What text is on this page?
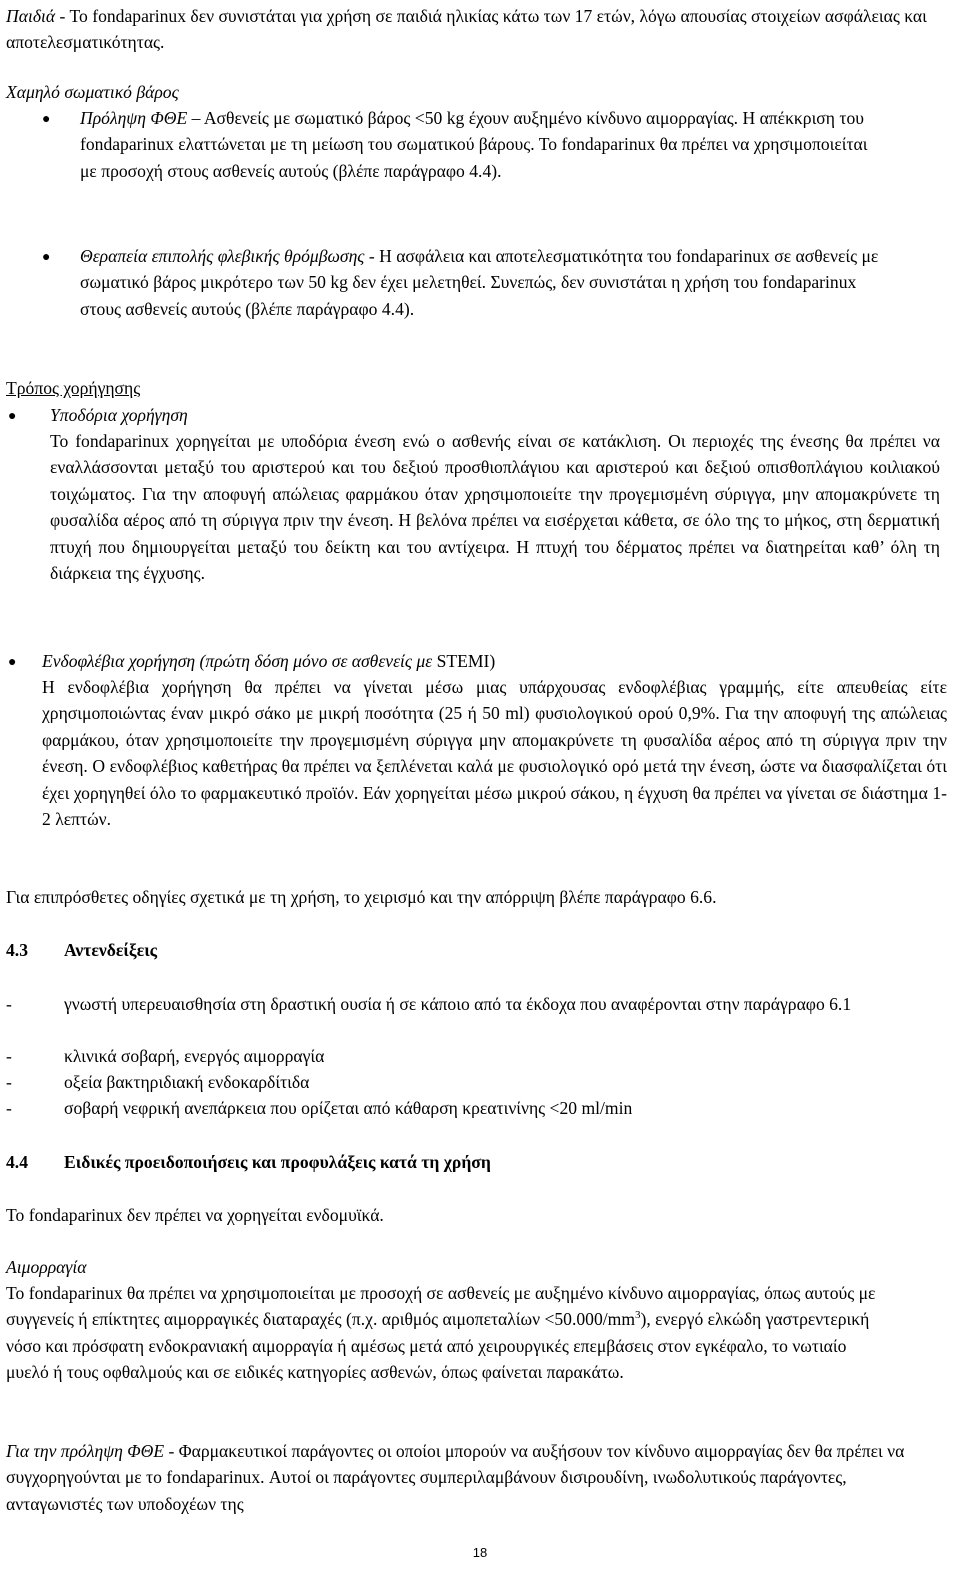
Παιδιά - Το fondaparinux δεν συνιστάται για χρήση σε παιδιά ηλικίας κάτω των 17 ετών, λόγω απουσίας στοιχείων ασφάλειας και αποτελεσματικότητας.

Χαμηλό σωματικό βάρος

● Πρόληψη ΦΘΕ – Ασθενείς με σωματικό βάρος <50 kg έχουν αυξημένο κίνδυνο αιμορραγίας. Η απέκκριση του fondaparinux ελαττώνεται με τη μείωση του σωματικού βάρους. Το fondaparinux θα πρέπει να χρησιμοποιείται με προσοχή στους ασθενείς αυτούς (βλέπε παράγραφο 4.4).

● Θεραπεία επιπολής φλεβικής θρόμβωσης - Η ασφάλεια και αποτελεσματικότητα του fondaparinux σε ασθενείς με σωματικό βάρος μικρότερο των 50 kg δεν έχει μελετηθεί. Συνεπώς, δεν συνιστάται η χρήση του fondaparinux στους ασθενείς αυτούς (βλέπε παράγραφο 4.4).

Τρόπος χορήγησης

● Υποδόρια χορήγηση

Το fondaparinux χορηγείται με υποδόρια ένεση ενώ ο ασθενής είναι σε κατάκλιση. Οι περιοχές της ένεσης θα πρέπει να εναλλάσσονται μεταξύ του αριστερού και του δεξιού προσθιοπλάγιου και αριστερού και δεξιού οπισθοπλάγιου κοιλιακού τοιχώματος. Για την αποφυγή απώλειας φαρμάκου όταν χρησιμοποιείτε την προγεμισμένη σύριγγα, μην απομακρύνετε τη φυσαλίδα αέρος από τη σύριγγα πριν την ένεση. Η βελόνα πρέπει να εισέρχεται κάθετα, σε όλο της το μήκος, στη δερματική πτυχή που δημιουργείται μεταξύ του δείκτη και του αντίχειρα. Η πτυχή του δέρματος πρέπει να διατηρείται καθ’ όλη τη διάρκεια της έγχυσης.

● Ενδοφλέβια χορήγηση (πρώτη δόση μόνο σε ασθενείς με STEMI)

Η ενδοφλέβια χορήγηση θα πρέπει να γίνεται μέσω μιας υπάρχουσας ενδοφλέβιας γραμμής, είτε απευθείας είτε χρησιμοποιώντας έναν μικρό σάκο με μικρή ποσότητα (25 ή 50 ml) φυσιολογικού ορού 0,9%. Για την αποφυγή της απώλειας φαρμάκου, όταν χρησιμοποιείτε την προγεμισμένη σύριγγα μην απομακρύνετε τη φυσαλίδα αέρος από τη σύριγγα πριν την ένεση. Ο ενδοφλέβιος καθετήρας θα πρέπει να ξεπλένεται καλά με φυσιολογικό ορό μετά την ένεση, ώστε να διασφαλίζεται ότι έχει χορηγηθεί όλο το φαρμακευτικό προϊόν. Εάν χορηγείται μέσω μικρού σάκου, η έγχυση θα πρέπει να γίνεται σε διάστημα 1-2 λεπτών.

Για επιπρόσθετες οδηγίες σχετικά με τη χρήση, το χειρισμό και την απόρριψη βλέπε παράγραφο 6.6.

4.3 Αντενδείξεις
-	γνωστή υπερευαισθησία στη δραστική ουσία ή σε κάποιο από τα έκδοχα που αναφέρονται στην παράγραφο 6.1

-	κλινικά σοβαρή, ενεργός αιμορραγία

-	οξεία βακτηριδιακή ενδοκαρδίτιδα

-	σοβαρή νεφρική ανεπάρκεια που ορίζεται από κάθαρση κρεατινίνης <20 ml/min

4.4 Ειδικές προειδοποιήσεις και προφυλάξεις κατά τη χρήση

Το fondaparinux δεν πρέπει να χορηγείται ενδομυϊκά.

Αιμορραγία

Το fondaparinux θα πρέπει να χρησιμοποιείται με προσοχή σε ασθενείς με αυξημένο κίνδυνο αιμορραγίας, όπως αυτούς με συγγενείς ή επίκτητες αιμορραγικές διαταραχές (π.χ. αριθμός $\alpha\iota\mu o\pi\varepsilon\tau\alpha\lambda ί\omega\nu <50.000/mm^3$), ενεργό ελκώδη γαστρεντερική νόσο και πρόσφατη ενδοκρανιακή αιμορραγία ή αμέσως μετά από χειρουργικές επεμβάσεις στον εγκέφαλο, το νωτιαίο μυελό ή τους οφθαλμούς και σε ειδικές κατηγορίες ασθενών, όπως φαίνεται παρακάτω.

Για την πρόληψη ΦΘΕ - Φαρμακευτικοί παράγοντες οι οποίοι μπορούν να αυξήσουν τον κίνδυνο αιμορραγίας δεν θα πρέπει να συγχορηγούνται με το fondaparinux. Αυτοί οι παράγοντες συμπεριλαμβάνουν δισιρουδίνη, ινωδολυτικούς παράγοντες, ανταγωνιστές των υποδοχέων της

18
